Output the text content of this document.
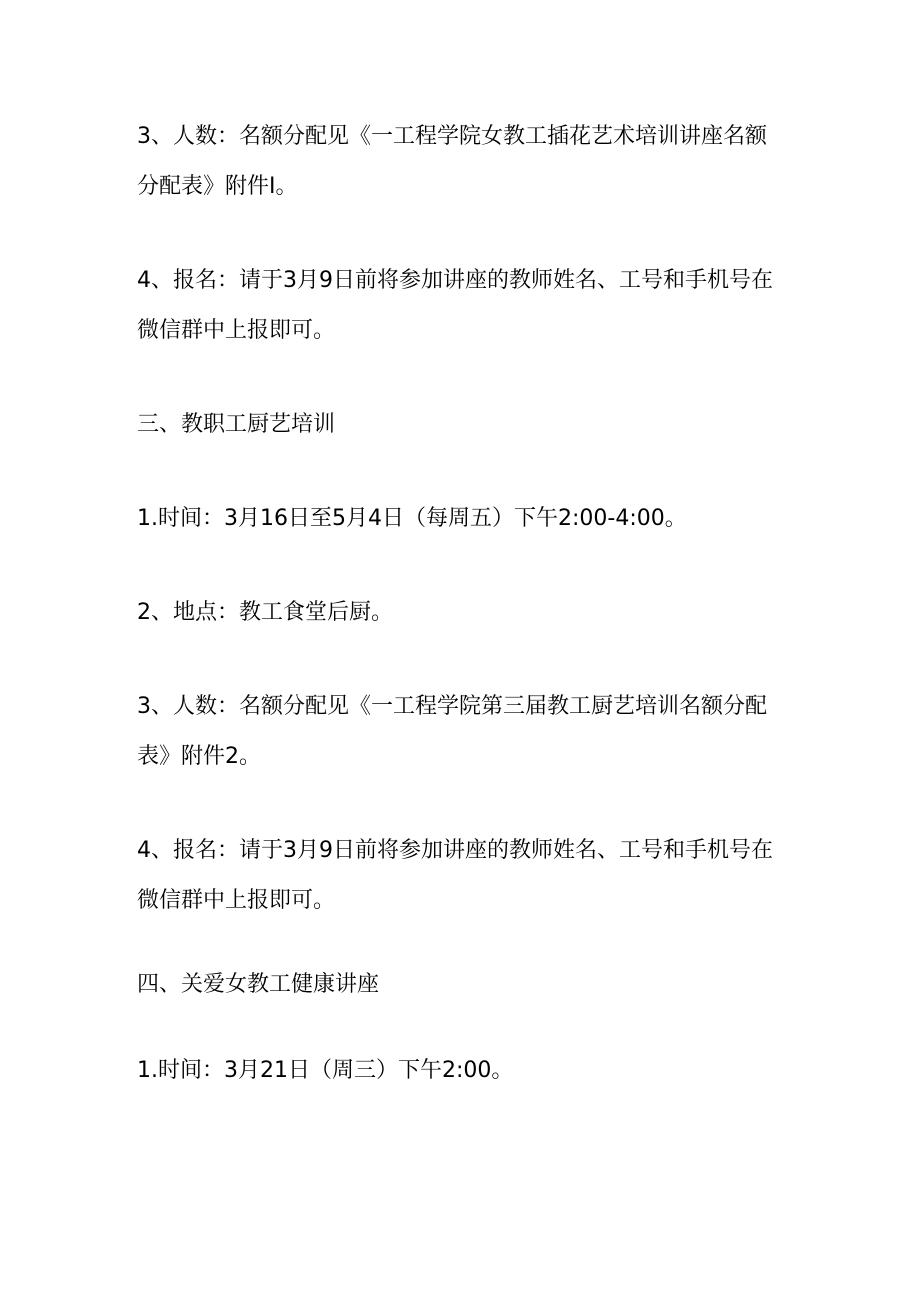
3、人数：名额分配见《一工程学院女教工插花艺术培训讲座名额分配表》附件I。

4、报名：请于3月9日前将参加讲座的教师姓名、工号和手机号在微信群中上报即可。

三、教职工厨艺培训

1.时间：3月16日至5月4日（每周五）下午2:00-4:00。

2、地点：教工食堂后厨。

3、人数：名额分配见《一工程学院第三届教工厨艺培训名额分配表》附件2。

4、报名：请于3月9日前将参加讲座的教师姓名、工号和手机号在微信群中上报即可。

四、关爱女教工健康讲座

1.时间：3月21日（周三）下午2:00。
